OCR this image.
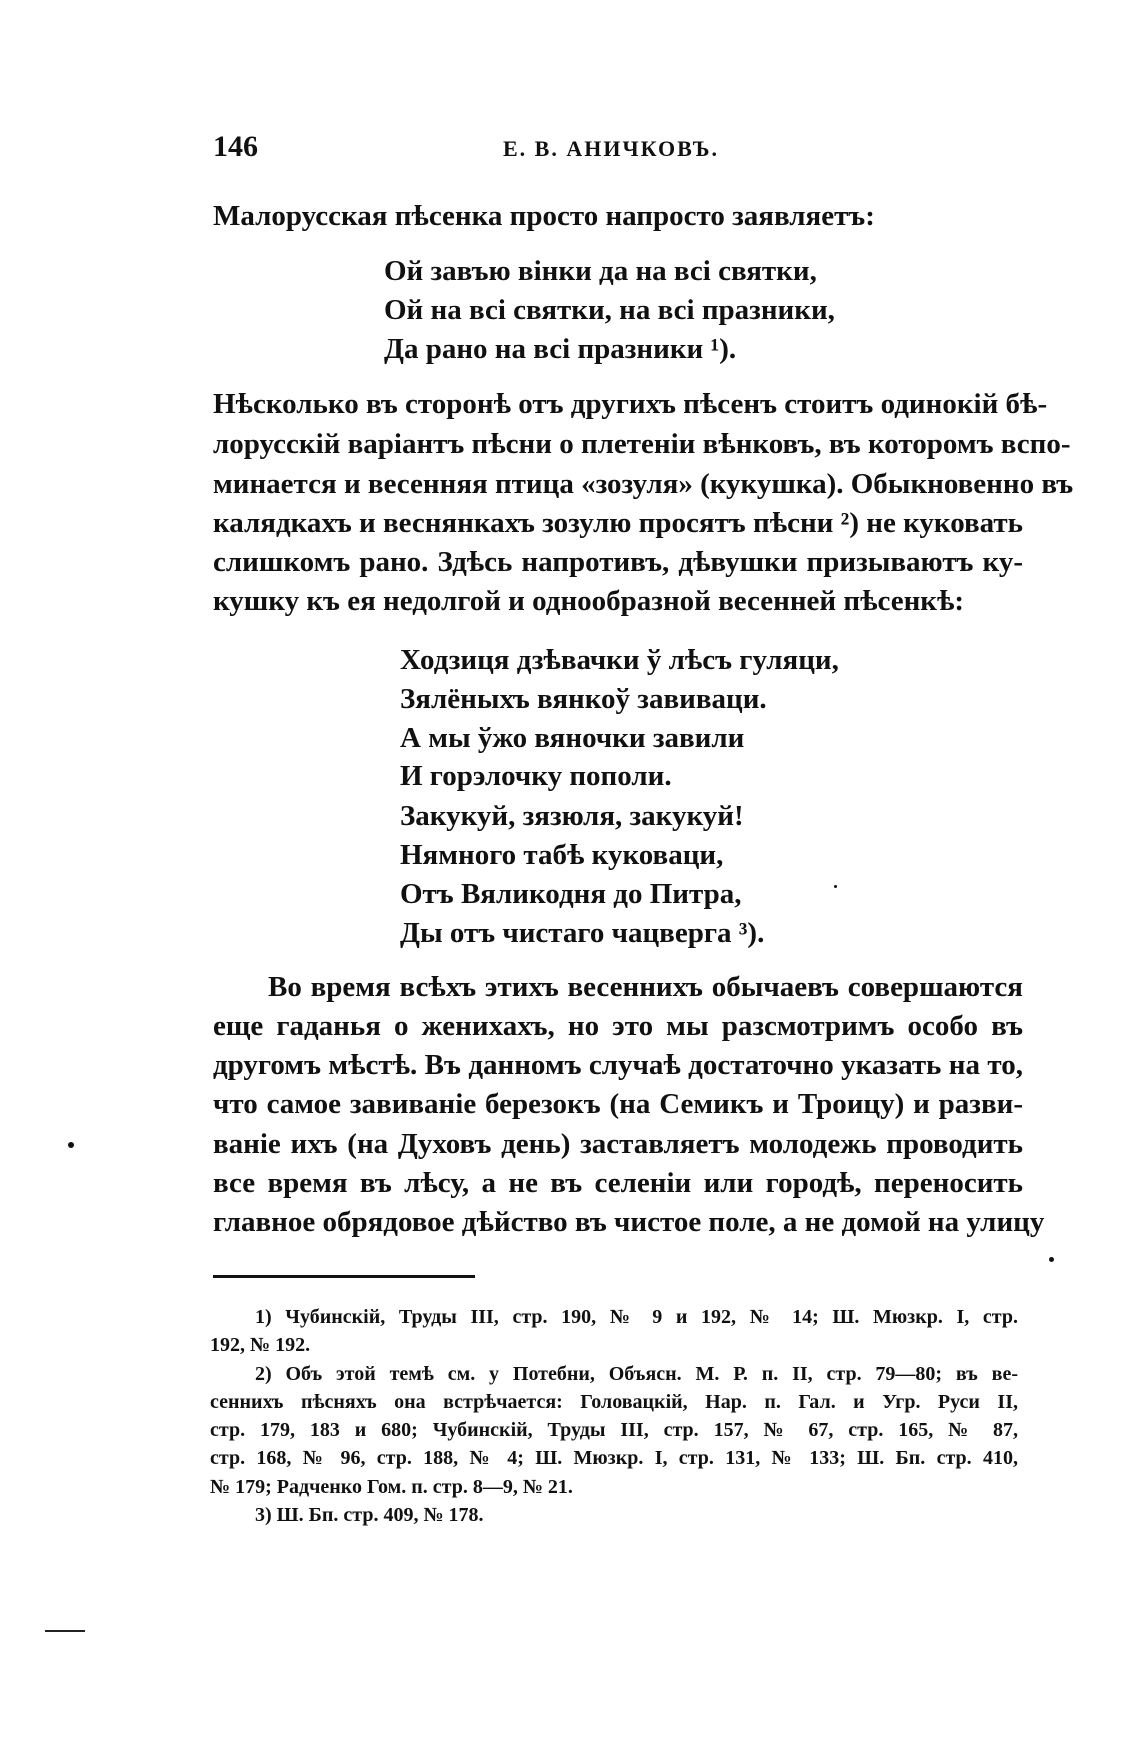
146	Е. В. АНИЧКОВЪ.
Малорусская пѣсенка просто напросто заявляетъ:
Ой завъю вінки да на всі святки,
Ой на всі святки, на всі празники,
Да рано на всі празники ¹).
Нѣсколько въ сторонѣ отъ другихъ пѣсенъ стоитъ одинокій бѣ-
лорусскій варіантъ пѣсни о плетеніи вѣнковъ, въ которомъ вспо-
минается и весенняя птица «зозуля» (кукушка). Обыкновенно въ
калядкахъ и веснянкахъ зозулю просятъ пѣсни ²) не куковать
слишкомъ рано. Здѣсь напротивъ, дѣвушки призываютъ ку-
кушку къ ея недолгой и однообразной весенней пѣсенкѣ:
Ходзиця дзѣвачки ў лѣсъ гуляци,
Зялёныхъ вянкоў завиваци.
А мы ўжо вяночки завили
И горэлочку пополи.
Закукуй, зязюля, закукуй!
Нямного табѣ куковаци,
Отъ Вяликодня до Питра,
Ды отъ чистаго чацверга ³).
Во время всѣхъ этихъ весеннихъ обычаевъ совершаются
еще гаданья о женихахъ, но это мы разсмотримъ особо въ
другомъ мѣстѣ. Въ данномъ случаѣ достаточно указать на то,
что самое завиваніе березокъ (на Семикъ и Троицу) и разви-
ваніе ихъ (на Духовъ день) заставляетъ молодежь проводить
все время въ лѣсу, а не въ селеніи или городѣ, переносить
главное обрядовое дѣйство въ чистое поле, а не домой на улицу
1) Чубинскій, Труды III, стр. 190, № 9 и 192, № 14; Ш. Мюзкр. I, стр.
192, № 192.
2) Объ этой темѣ см. у Потебни, Объясн. М. Р. п. II, стр. 79—80; въ ве-
сеннихъ пѣсняхъ она встрѣчается: Головацкій, Нар. п. Гал. и Угр. Руси II,
стр. 179, 183 и 680; Чубинскій, Труды III, стр. 157, № 67, стр. 165, № 87,
стр. 168, № 96, стр. 188, № 4; Ш. Мюзкр. I, стр. 131, № 133; Ш. Бп. стр. 410,
№ 179; Радченко Гом. п. стр. 8—9, № 21.
3) Ш. Бп. стр. 409, № 178.
